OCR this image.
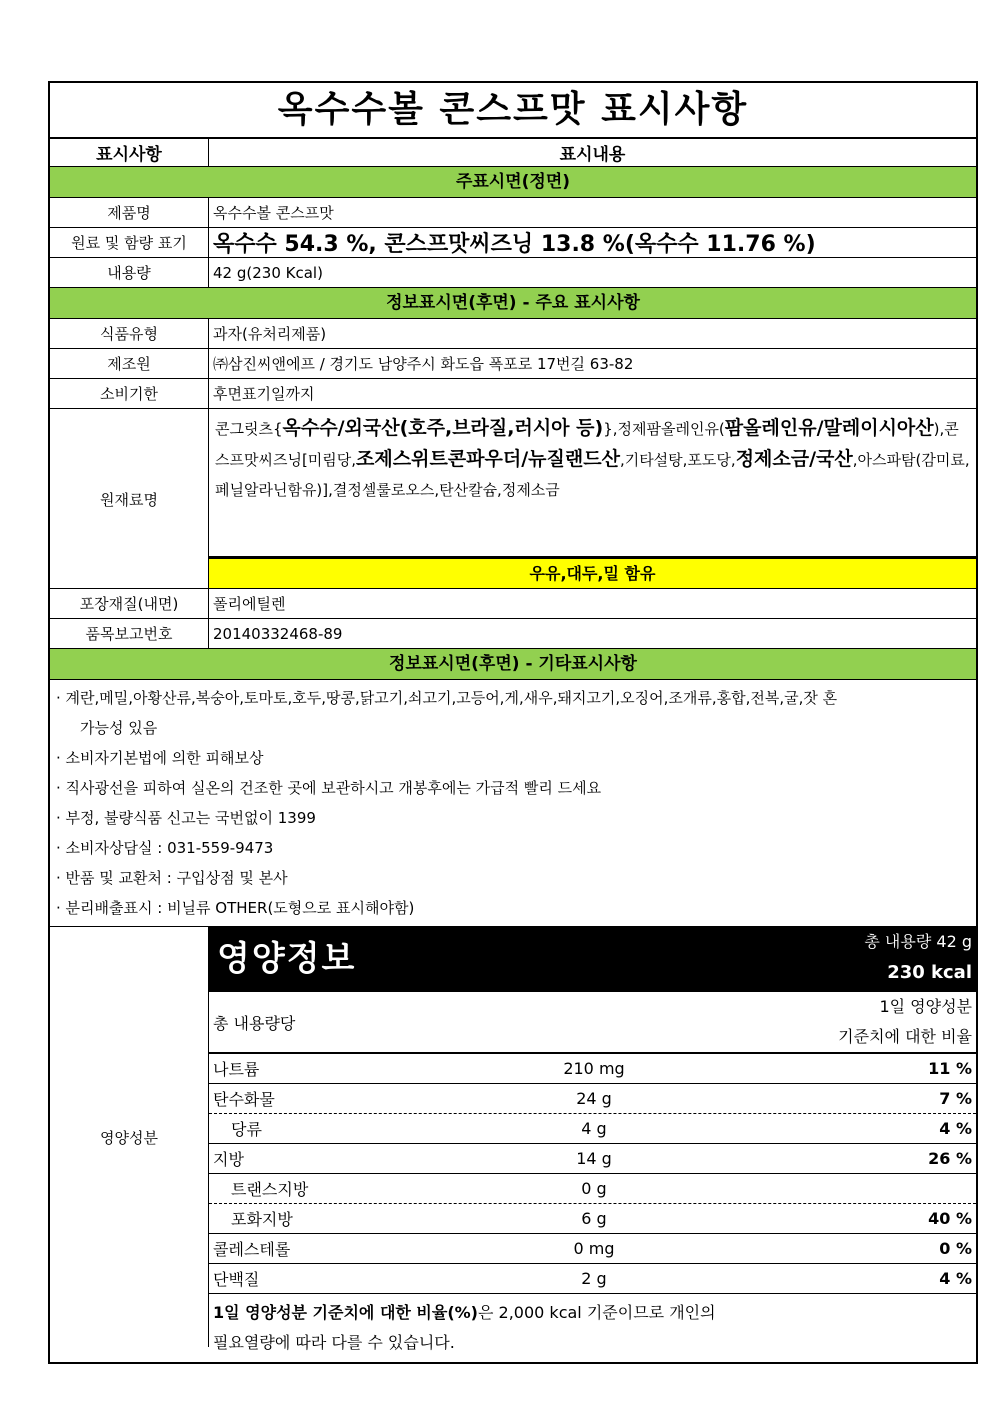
옥수수볼 콘스프맛 표시사항
표시사항	표시내용
주표시면(정면)
제품명	옥수수볼 콘스프맛
원료 및 함량 표기	옥수수 54.3 %, 콘스프맛씨즈닝 13.8 %(옥수수 11.76 %)
내용량	42 g(230 Kcal)
정보표시면(후면) - 주요 표시사항
식품유형	과자(유처리제품)
제조원	㈜삼진씨앤에프 / 경기도 남양주시 화도읍 폭포로 17번길 63-82
소비기한	후면표기일까지
원재료명
콘그릿츠{옥수수/외국산(호주,브라질,러시아 등)},정제팜올레인유(팜올레인유/말레이시아산),콘스프맛씨즈닝[미림당,조제스위트콘파우더/뉴질랜드산,기타설탕,포도당,정제소금/국산,아스파탐(감미료,페닐알라닌함유)],결정셀룰로오스,탄산칼슘,정제소금
우유,대두,밀 함유
포장재질(내면)	폴리에틸렌
품목보고번호	20140332468-89
정보표시면(후면) - 기타표시사항
· 계란,메밀,아황산류,복숭아,토마토,호두,땅콩,닭고기,쇠고기,고등어,게,새우,돼지고기,오징어,조개류,홍합,전복,굴,잣 혼
가능성 있음
· 소비자기본법에 의한 피해보상
· 직사광선을 피하여 실온의 건조한 곳에 보관하시고 개봉후에는 가급적 빨리 드세요
· 부정, 불량식품 신고는 국번없이 1399
· 소비자상담실 : 031-559-9473
· 반품 및 교환처 : 구입상점 및 본사
· 분리배출표시 : 비닐류 OTHER(도형으로 표시해야함)
영양성분
영양정보	총 내용량 42 g
230 kcal
총 내용량당
1일 영양성분
기준치에 대한 비율
나트륨	210 mg	11 %
탄수화물	24 g	7 %
당류	4 g	4 %
지방	14 g	26 %
트랜스지방	0 g
포화지방	6 g	40 %
콜레스테롤	0 mg	0 %
단백질	2 g	4 %
1일 영양성분 기준치에 대한 비율(%)은 2,000 kcal 기준이므로 개인의
필요열량에 따라 다를 수 있습니다.
